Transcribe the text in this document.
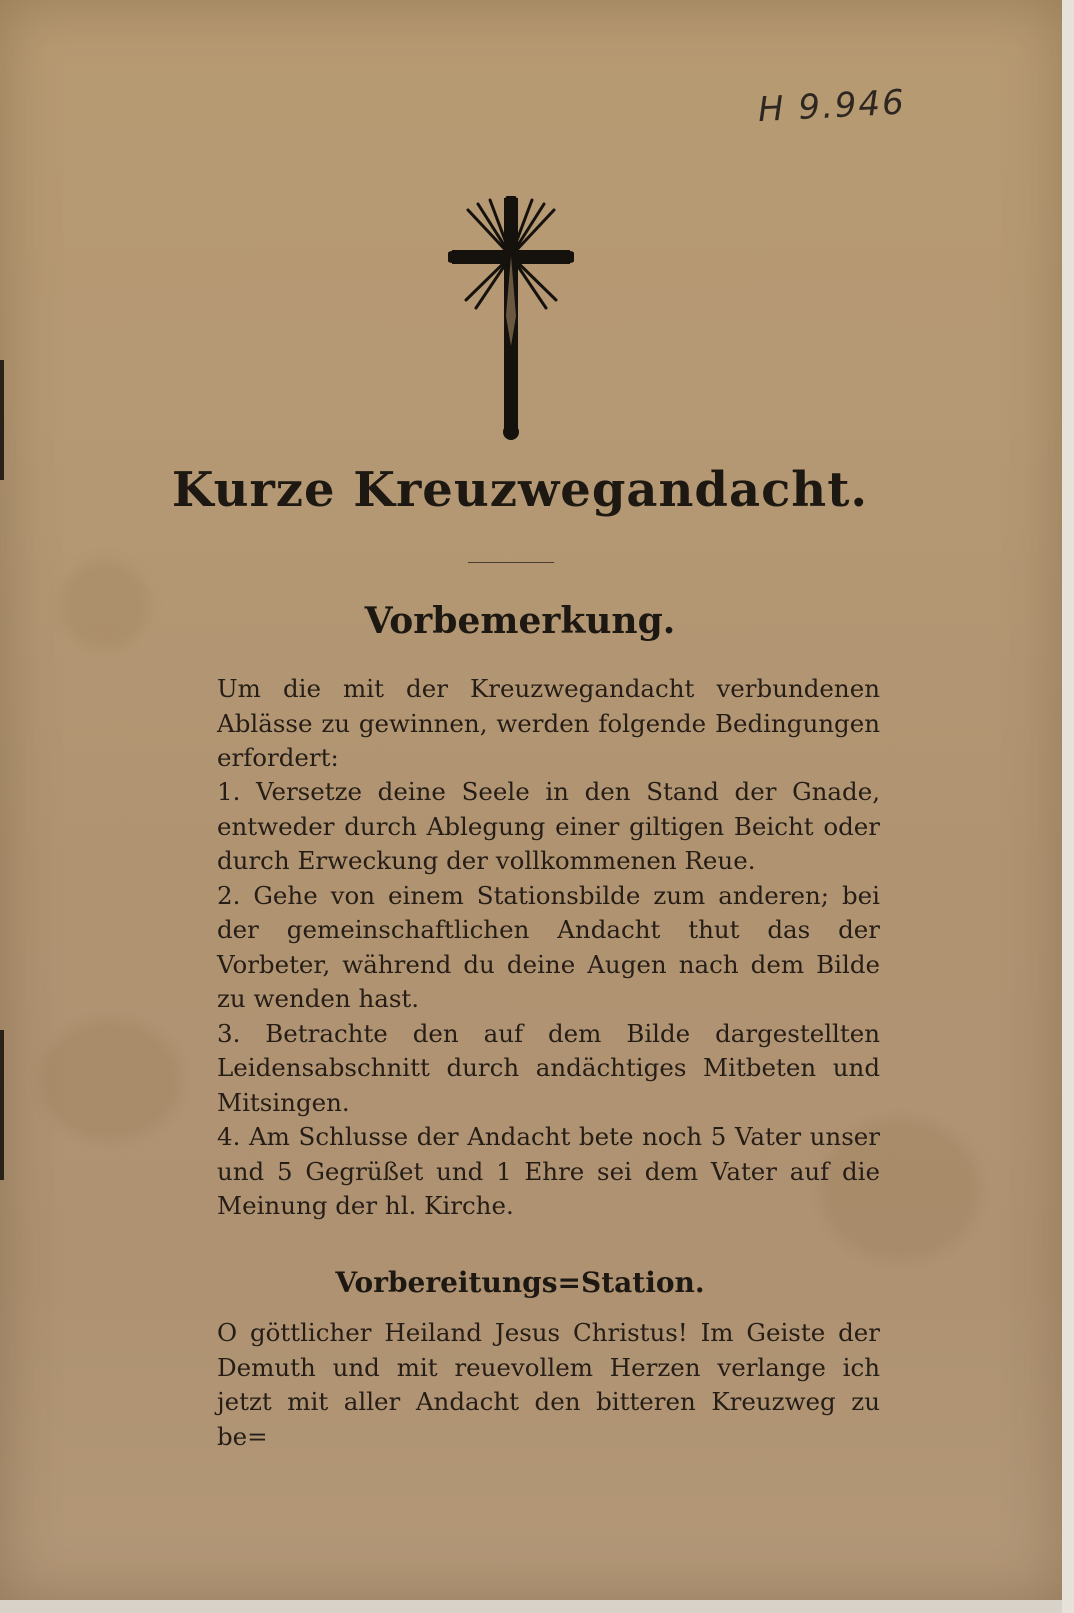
H 9.946
Kurze Kreuzwegandacht.
Vorbemerkung.

Um die mit der Kreuzwegandacht verbundenen Ablässe zu gewinnen, werden folgende Bedingungen erfordert:

1. Versetze deine Seele in den Stand der Gnade, entweder durch Ablegung einer giltigen Beicht oder durch Erweckung der vollkommenen Reue.

2. Gehe von einem Stationsbilde zum anderen; bei der gemeinschaftlichen Andacht thut das der Vorbeter, während du deine Augen nach dem Bilde zu wenden hast.

3. Betrachte den auf dem Bilde dargestellten Leidensabschnitt durch andächtiges Mitbeten und Mitsingen.

4. Am Schlusse der Andacht bete noch 5 Vater unser und 5 Gegrüßet und 1 Ehre sei dem Vater auf die Meinung der hl. Kirche.

Vorbereitungs=Station.

O göttlicher Heiland Jesus Christus! Im Geiste der Demuth und mit reuevollem Herzen verlange ich jetzt mit aller Andacht den bitteren Kreuzweg zu be=
